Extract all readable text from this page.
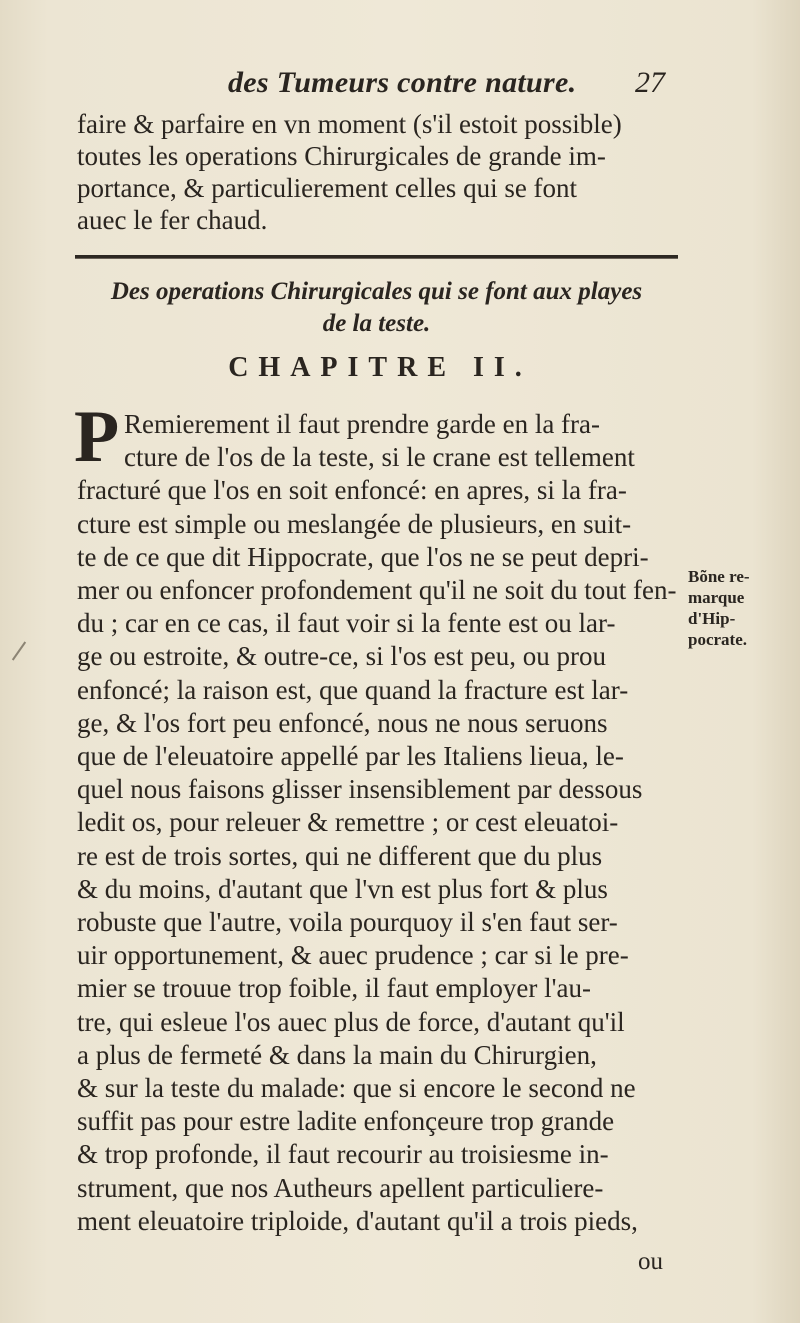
des Tumeurs contre nature. 27
faire & parfaire en vn moment (s'il estoit possible)
toutes les operations Chirurgicales de grande im-
portance, & particulierement celles qui se font
auec le fer chaud.
Des operations Chirurgicales qui se font aux playes
de la teste.
CHAPITRE II.
P Remierement il faut prendre garde en la fra-
cture de l'os de la teste, si le crane est tellement
fracturé que l'os en soit enfoncé: en apres, si la fra-
cture est simple ou meslangée de plusieurs, en suit-
te de ce que dit Hippocrate, que l'os ne se peut depri-
mer ou enfoncer profondement qu'il ne soit du tout fen-
du ; car en ce cas, il faut voir si la fente est ou lar-
ge ou estroite, & outre-ce, si l'os est peu, ou prou
enfoncé; la raison est, que quand la fracture est lar-
ge, & l'os fort peu enfoncé, nous ne nous seruons
que de l'eleuatoire appellé par les Italiens lieua, le-
quel nous faisons glisser insensiblement par dessous
ledit os, pour releuer & remettre ; or cest eleuatoi-
re est de trois sortes, qui ne different que du plus
& du moins, d'autant que l'vn est plus fort & plus
robuste que l'autre, voila pourquoy il s'en faut ser-
uir opportunement, & auec prudence ; car si le pre-
mier se trouue trop foible, il faut employer l'au-
tre, qui esleue l'os auec plus de force, d'autant qu'il
a plus de fermeté & dans la main du Chirurgien,
& sur la teste du malade: que si encore le second ne
suffit pas pour estre ladite enfonçeure trop grande
& trop profonde, il faut recourir au troisiesme in-
strument, que nos Autheurs apellent particuliere-
ment eleuatoire triploide, d'autant qu'il a trois pieds,
Bõne re-
marque
d'Hip-
pocrate.
ou
